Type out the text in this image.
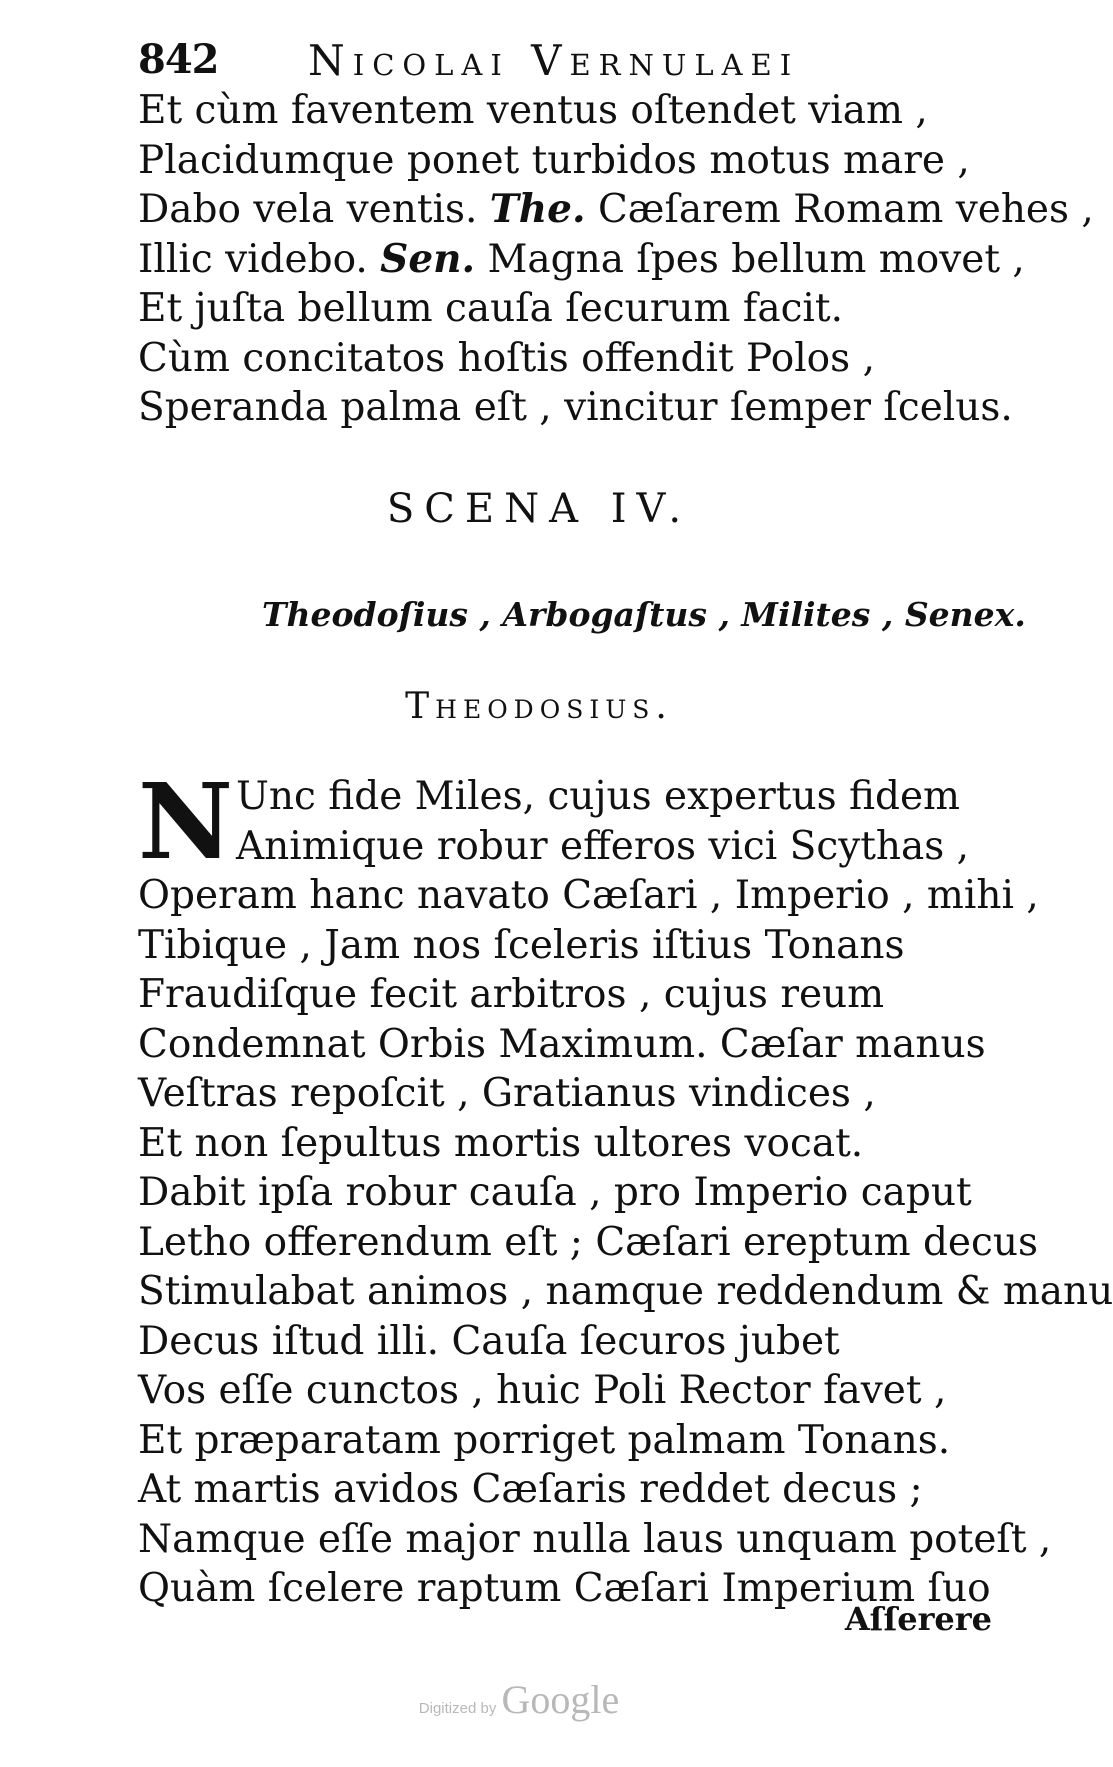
842 Nicolai Vernulaei
Et cùm faventem ventus oſtendet viam ,
Placidumque ponet turbidos motus mare ,
Dabo vela ventis. The. Cæſarem Romam vehes ,
Illic videbo. Sen. Magna ſpes bellum movet ,
Et juſta bellum cauſa ſecurum facit.
Cùm concitatos hoſtis offendit Polos ,
Speranda palma eſt , vincitur ſemper ſcelus.
SCENA IV.
Theodoſius , Arbogaſtus , Milites , Senex.
Theodosius.
N Unc fide Miles, cujus expertus fidem
Animique robur efferos vici Scythas ,
Operam hanc navato Cæſari , Imperio , mihi ,
Tibique , Jam nos ſceleris iſtius Tonans
Fraudiſque fecit arbitros , cujus reum
Condemnat Orbis Maximum. Cæſar manus
Veſtras repoſcit , Gratianus vindices ,
Et non ſepultus mortis ultores vocat.
Dabit ipſa robur cauſa , pro Imperio caput
Letho offerendum eſt ; Cæſari ereptum decus
Stimulabat animos , namque reddendum & manu
Decus iſtud illi. Cauſa ſecuros jubet
Vos eſſe cunctos , huic Poli Rector favet ,
Et præparatam porriget palmam Tonans.
At martis avidos Cæſaris reddet decus ;
Namque eſſe major nulla laus unquam poteſt ,
Quàm ſcelere raptum Cæſari Imperium ſuo
Aſſerere
Digitized by Google
